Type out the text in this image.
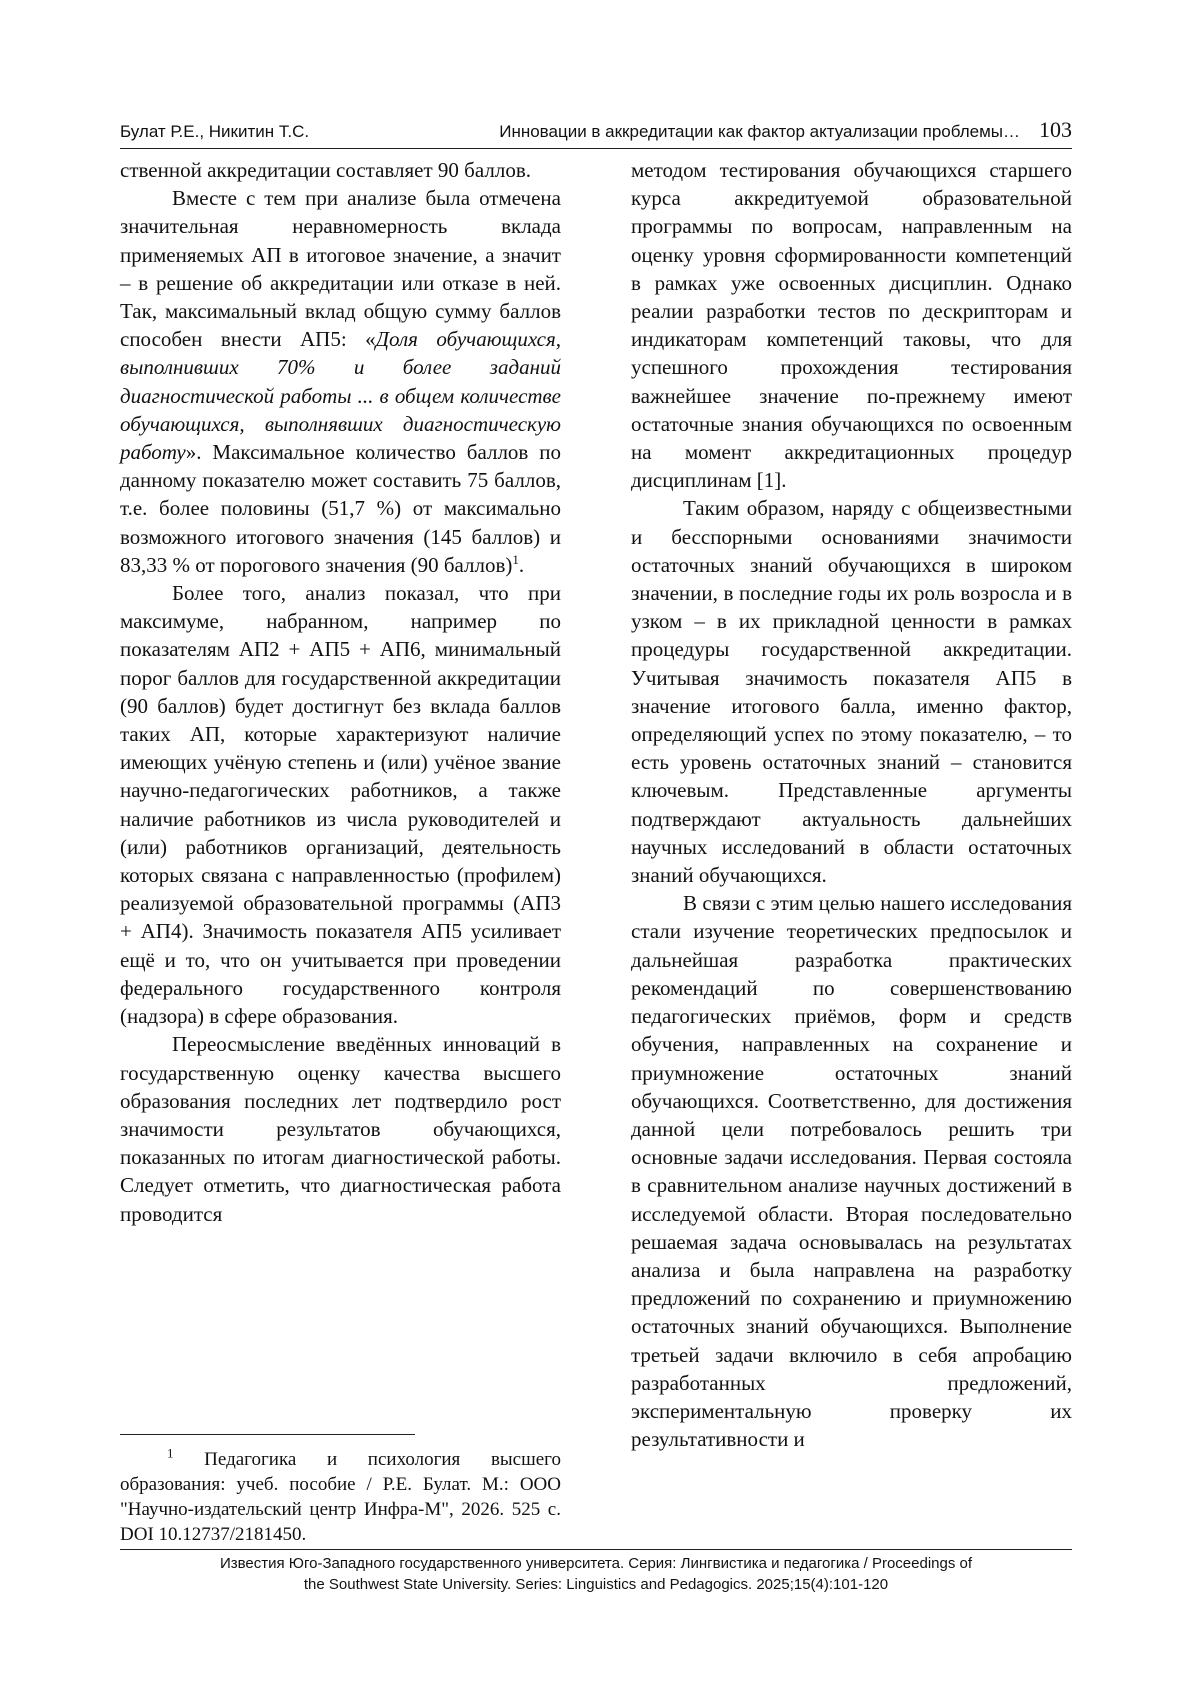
Булат Р.Е., Никитин Т.С.	Инновации в аккредитации как фактор актуализации проблемы… 103

ственной аккредитации составляет 90 баллов.

Вместе с тем при анализе была отмечена значительная неравномерность вклада применяемых АП в итоговое значение, а значит – в решение об аккредитации или отказе в ней. Так, максимальный вклад общую сумму баллов способен внести АП5: «Доля обучающихся, выполнивших 70% и более заданий диагностической работы ... в общем количестве обучающихся, выполнявших диагностическую работу». Максимальное количество баллов по данному показателю может составить 75 баллов, т.е. более половины (51,7 %) от максимально возможного итогового значения (145 баллов) и 83,33 % от порогового значения (90 баллов)$^1$.

Более того, анализ показал, что при максимуме, набранном, например по показателям АП2 + АП5 + АП6, минимальный порог баллов для государственной аккредитации (90 баллов) будет достигнут без вклада баллов таких АП, которые характеризуют наличие имеющих учёную степень и (или) учёное звание научно-педагогических работников, а также наличие работников из числа руководителей и (или) работников организаций, деятельность которых связана с направленностью (профилем) реализуемой образовательной программы (АП3 + АП4). Значимость показателя АП5 усиливает ещё и то, что он учитывается при проведении федерального государственного контроля (надзора) в сфере образования.

Переосмысление введённых инноваций в государственную оценку качества высшего образования последних лет подтвердило рост значимости результатов обучающихся, показанных по итогам диагностической работы. Следует отметить, что диагностическая работа проводится

методом тестирования обучающихся старшего курса аккредитуемой образовательной программы по вопросам, направленным на оценку уровня сформированности компетенций в рамках уже освоенных дисциплин. Однако реалии разработки тестов по дескрипторам и индикаторам компетенций таковы, что для успешного прохождения тестирования важнейшее значение по-прежнему имеют остаточные знания обучающихся по освоенным на момент аккредитационных процедур дисциплинам [1].

Таким образом, наряду с общеизвестными и бесспорными основаниями значимости остаточных знаний обучающихся в широком значении, в последние годы их роль возросла и в узком – в их прикладной ценности в рамках процедуры государственной аккредитации. Учитывая значимость показателя АП5 в значение итогового балла, именно фактор, определяющий успех по этому показателю, – то есть уровень остаточных знаний – становится ключевым. Представленные аргументы подтверждают актуальность дальнейших научных исследований в области остаточных знаний обучающихся.

В связи с этим целью нашего исследования стали изучение теоретических предпосылок и дальнейшая разработка практических рекомендаций по совершенствованию педагогических приёмов, форм и средств обучения, направленных на сохранение и приумножение остаточных знаний обучающихся. Соответственно, для достижения данной цели потребовалось решить три основные задачи исследования. Первая состояла в сравнительном анализе научных достижений в исследуемой области. Вторая последовательно решаемая задача основывалась на результатах анализа и была направлена на разработку предложений по сохранению и приумножению остаточных знаний обучающихся. Выполнение третьей задачи включило в себя апробацию разработанных предложений, экспериментальную проверку их результативности и

$^1$ Педагогика и психология высшего образования: учеб. пособие / Р.Е. Булат. М.: ООО "Научно-издательский центр Инфра-М", 2026. 525 с. DOI 10.12737/2181450.
Известия Юго-Западного государственного университета. Серия: Лингвистика и педагогика / Proceedings of
the Southwest State University. Series: Linguistics and Pedagogics. 2025;15(4):101-120
